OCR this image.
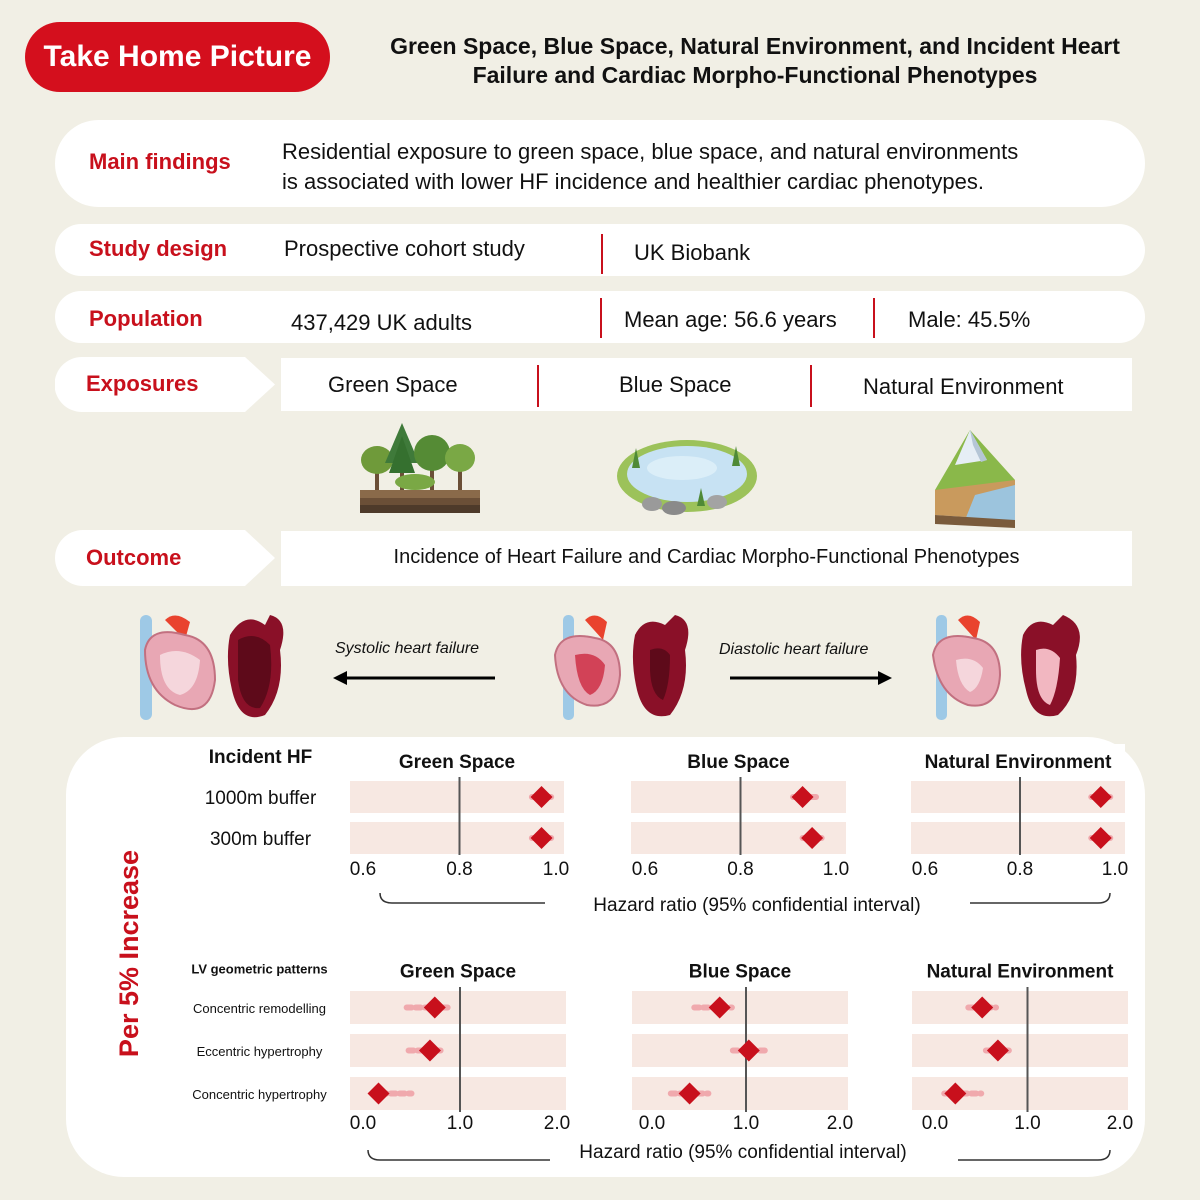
Take Home Picture	Green Space, Blue Space, Natural Environment, and Incident Heart
Failure and Cardiac Morpho-Functional Phenotypes
Main findings Residential exposure to green space, blue space, and natural environments
is associated with lower HF incidence and healthier cardiac phenotypes.
Study design	Prospective cohort study	UK Biobank
Population	437,429 UK adults	Mean age: 56.6 years	Male: 45.5%
Exposures	Green Space	Blue Space	Natural Environment
Outcome	Incidence of Heart Failure and Cardiac Morpho-Functional Phenotypes
Systolic heart failure	Diastolic heart failure
Per 5% Increase
Incident HF
1000m buffer
300m buffer
Green Space
0.6	0.8	1.0
Blue Space
0.6	0.8	1.0
Natural Environment
0.6	0.8	1.0
Hazard ratio (95% confidential interval)
LV geometric patterns
Concentric remodelling
Eccentric hypertrophy
Concentric hypertrophy
Green Space
0.0	1.0	2.0
Blue Space
0.0	1.0	2.0
Natural Environment
0.0	1.0	2.0
Hazard ratio (95% confidential interval)
